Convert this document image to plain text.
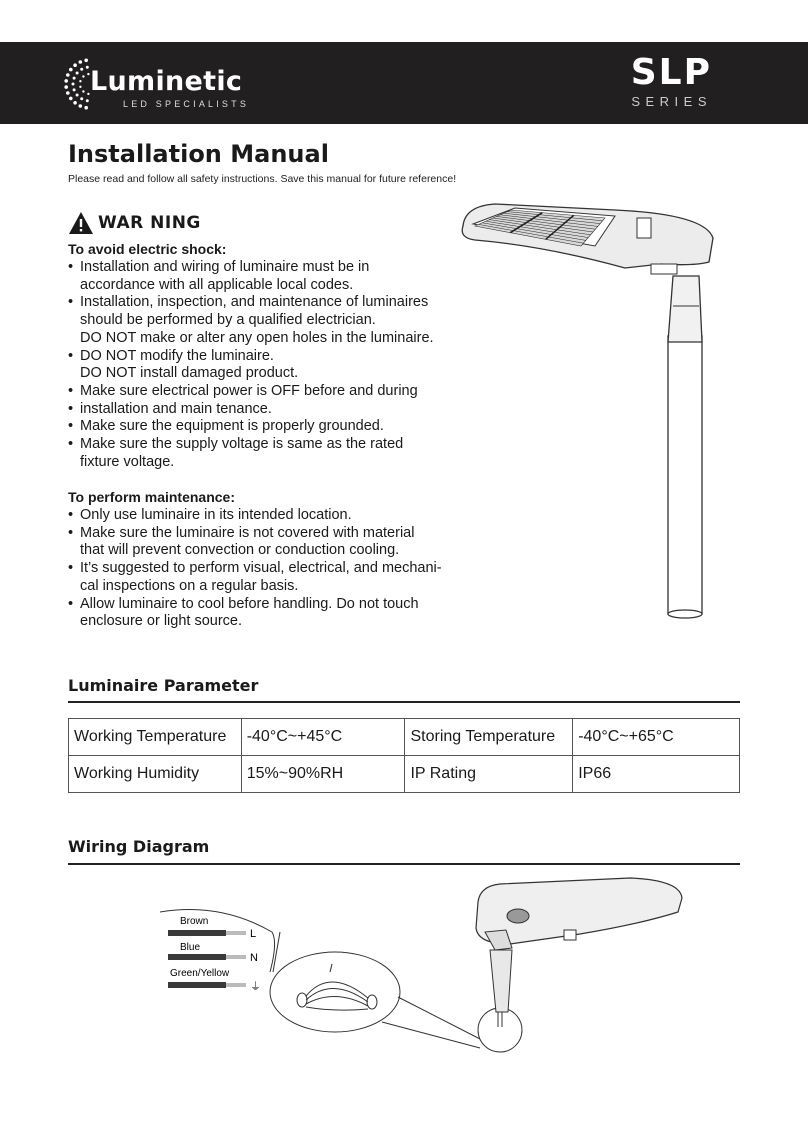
Luminetic
LED SPECIALISTS
SLP
SERIES
Installation Manual
Please read and follow all safety instructions. Save this manual for future reference!
WAR NING
To avoid electric shock:
• Installation and wiring of luminaire must be in
accordance with all applicable local codes.
• Installation, inspection, and maintenance of luminaires
should be performed by a qualified electrician.
DO NOT make or alter any open holes in the luminaire.
• DO NOT modify the luminaire.
DO NOT install damaged product.
• Make sure electrical power is OFF before and during
• installation and main tenance.
• Make sure the equipment is properly grounded.
• Make sure the supply voltage is same as the rated
fixture voltage.
To perform maintenance:
• Only use luminaire in its intended location.
• Make sure the luminaire is not covered with material
that will prevent convection or conduction cooling.
• It’s suggested to perform visual, electrical, and mechani-
cal inspections on a regular basis.
• Allow luminaire to cool before handling. Do not touch
enclosure or light source.
Luminaire Parameter
Working Temperature	-40°C~+45°C	Storing Temperature	-40°C~+65°C
Working Humidity	15%~90%RH	IP Rating	IP66
Wiring Diagram
Brown
L
Blue
N
Green/Yellow
⏚
